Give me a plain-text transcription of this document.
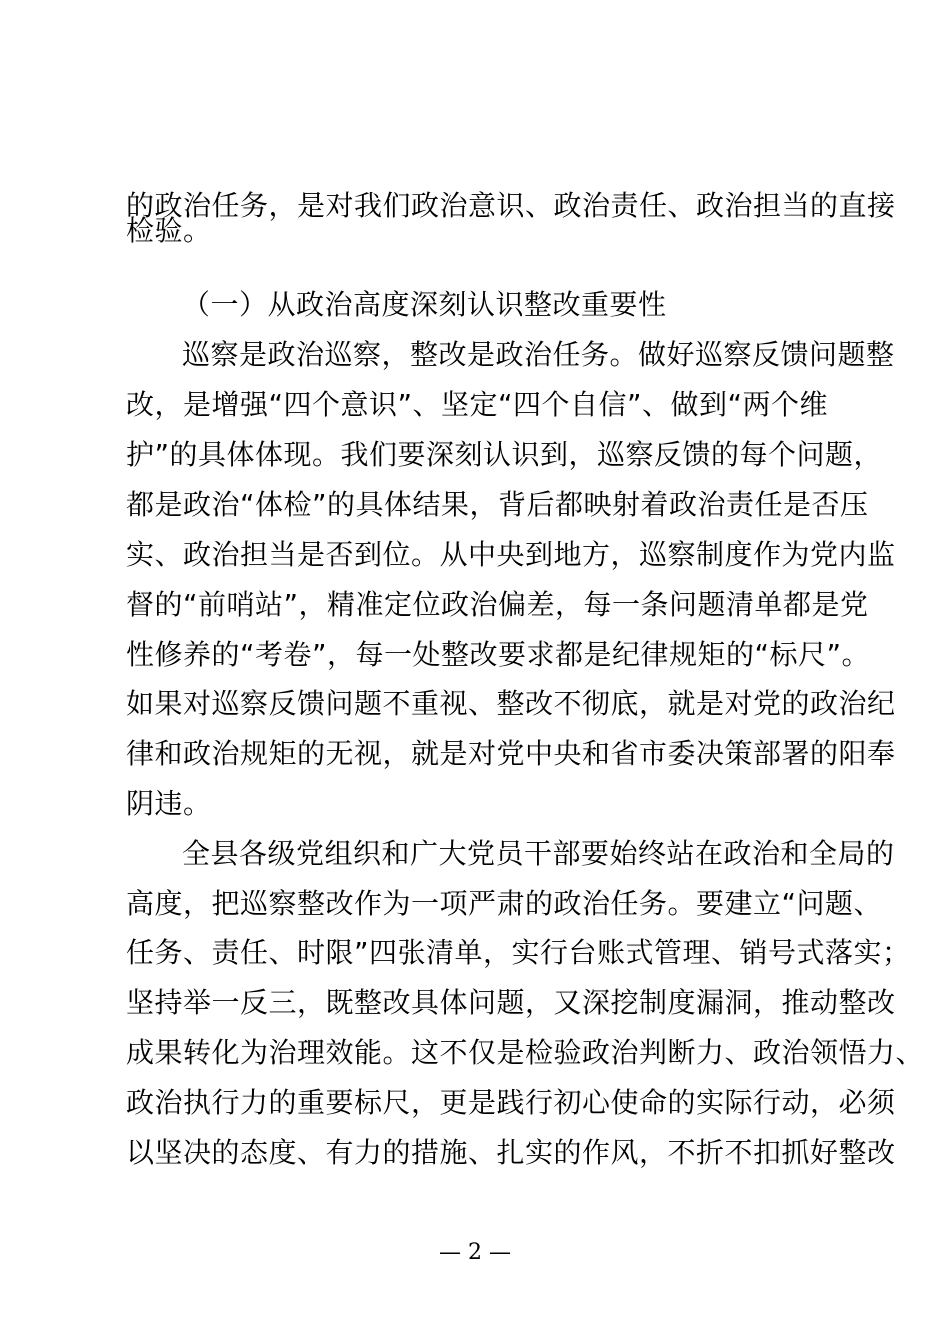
的政治任务，是对我们政治意识、政治责任、政治担当的直接
检验。
（一）从政治高度深刻认识整改重要性
巡察是政治巡察，整改是政治任务。做好巡察反馈问题整
改，是增强“四个意识”、坚定“四个自信”、做到“两个维
护”的具体体现。我们要深刻认识到，巡察反馈的每个问题，
都是政治“体检”的具体结果，背后都映射着政治责任是否压
实、政治担当是否到位。从中央到地方，巡察制度作为党内监
督的“前哨站”，精准定位政治偏差，每一条问题清单都是党
性修养的“考卷”，每一处整改要求都是纪律规矩的“标尺”。
如果对巡察反馈问题不重视、整改不彻底，就是对党的政治纪
律和政治规矩的无视，就是对党中央和省市委决策部署的阳奉
阴违。
全县各级党组织和广大党员干部要始终站在政治和全局的
高度，把巡察整改作为一项严肃的政治任务。要建立“问题、
任务、责任、时限”四张清单，实行台账式管理、销号式落实；
坚持举一反三，既整改具体问题，又深挖制度漏洞，推动整改
成果转化为治理效能。这不仅是检验政治判断力、政治领悟力、
政治执行力的重要标尺，更是践行初心使命的实际行动，必须
以坚决的态度、有力的措施、扎实的作风，不折不扣抓好整改
— 2 —
